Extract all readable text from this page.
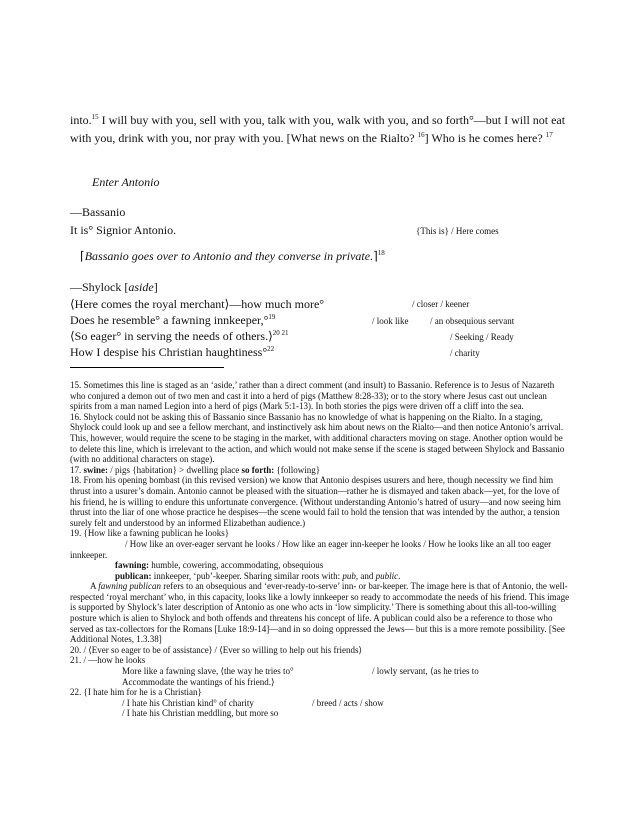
into.$^{15}$ I will buy with you, sell with you, talk with you, walk with you, and so forth°—but I will not eat with you, drink with you, nor pray with you. [What news on the Rialto? $^{16}$] Who is he comes here? $^{17}$
Enter Antonio
—Bassanio
It is° Signior Antonio.	{This is} / Here comes
⌈Bassanio goes over to Antonio and they converse in private.⌉$^{18}$
—Shylock [aside]
⟨Here comes the royal merchant⟩—how much more°	/ closer / keener
Does he resemble° a fawning innkeeper,°$^{19}$	/ look like / an obsequious servant
⟨So eager° in serving the needs of others.⟩$^{20 21}$	/ Seeking / Ready
How I despise his Christian haughtiness°$^{22}$	/ charity

15. Sometimes this line is staged as an ‘aside,’ rather than a direct comment (and insult) to Bassanio. Reference is to Jesus of Nazareth who conjured a demon out of two men and cast it into a herd of pigs (Matthew 8:28-33); or to the story where Jesus cast out unclean spirits from a man named Legion into a herd of pigs (Mark 5:1-13). In both stories the pigs were driven off a cliff into the sea.

16. Shylock could not be asking this of Bassanio since Bassanio has no knowledge of what is happening on the Rialto. In a staging, Shylock could look up and see a fellow merchant, and instinctively ask him about news on the Rialto—and then notice Antonio’s arrival. This, however, would require the scene to be staging in the market, with additional characters moving on stage. Another option would be to delete this line, which is irrelevant to the action, and which would not make sense if the scene is staged between Shylock and Bassanio (with no additional characters on stage).

17. swine: / pigs {habitation} > dwelling place so forth: {following}

18. From his opening bombast (in this revised version) we know that Antonio despises usurers and here, though necessity we find him thrust into a usurer’s domain. Antonio cannot be pleased with the situation—rather he is dismayed and taken aback—yet, for the love of his friend, he is willing to endure this unfortunate convergence. (Without understanding Antonio’s hatred of usury—and now seeing him thrust into the liar of one whose practice he despises—the scene would fail to hold the tension that was intended by the author, a tension surely felt and understood by an informed Elizabethan audience.)

19. {How like a fawning publican he looks}

/ How like an over-eager servant he looks / How like an eager inn-keeper he looks / How he looks like an all too eager innkeeper.

fawning: humble, cowering, accommodating, obsequious

publican: innkeeper, ‘pub’-keeper. Sharing similar roots with: pub, and public.

A fawning publican refers to an obsequious and ‘ever-ready-to-serve’ inn- or bar-keeper. The image here is that of Antonio, the well-respected ‘royal merchant’ who, in this capacity, looks like a lowly innkeeper so ready to accommodate the needs of his friend. This image is supported by Shylock’s later description of Antonio as one who acts in ‘low simplicity.’ There is something about this all-too-willing posture which is alien to Shylock and both offends and threatens his concept of life. A publican could also be a reference to those who served as tax-collectors for the Romans [Luke 18:9-14]—and in so doing oppressed the Jews— but this is a more remote possibility. [See Additional Notes, 1.3.38]

20. / ⟨Ever so eager to be of assistance⟩ / ⟨Ever so willing to help out his friends⟩

21. / —how he looks

More like a fawning slave, ⟨the way he tries to°	/ lowly servant, ⟨as he tries to

Accommodate the wantings of his friend.⟩

22. {I hate him for he is a Christian}

/ I hate his Christian kind° of charity	/ breed / acts / show

/ I hate his Christian meddling, but more so
